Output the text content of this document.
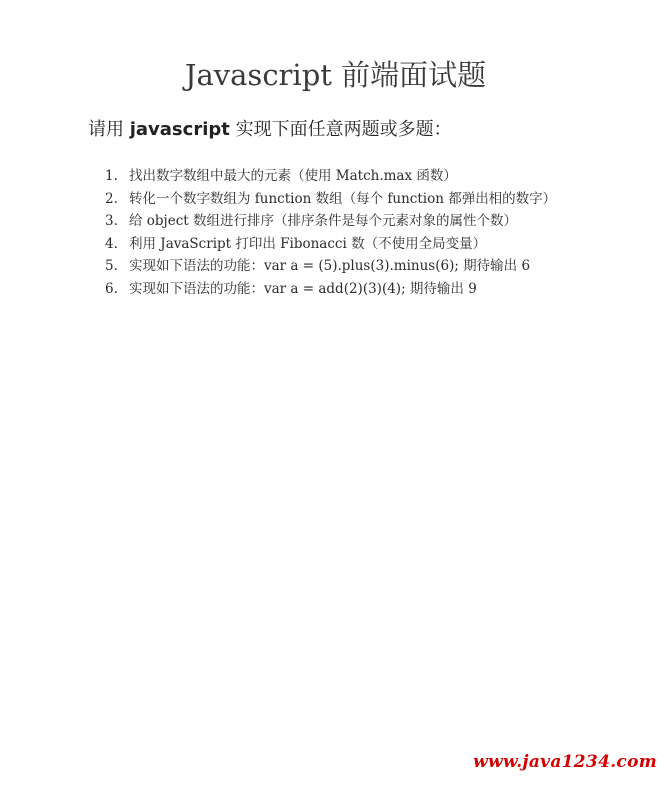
Javascript 前端面试题

请用 javascript 实现下面任意两题或多题：

1. 找出数字数组中最大的元素（使用 Match.max 函数）
2. 转化一个数字数组为 function 数组（每个 function 都弹出相的数字）
3. 给 object 数组进行排序（排序条件是每个元素对象的属性个数）
4. 利用 JavaScript 打印出 Fibonacci 数（不使用全局变量）
5. 实现如下语法的功能：var a = (5).plus(3).minus(6); 期待输出 6
6. 实现如下语法的功能：var a = add(2)(3)(4); 期待输出 9
www.java1234.com
